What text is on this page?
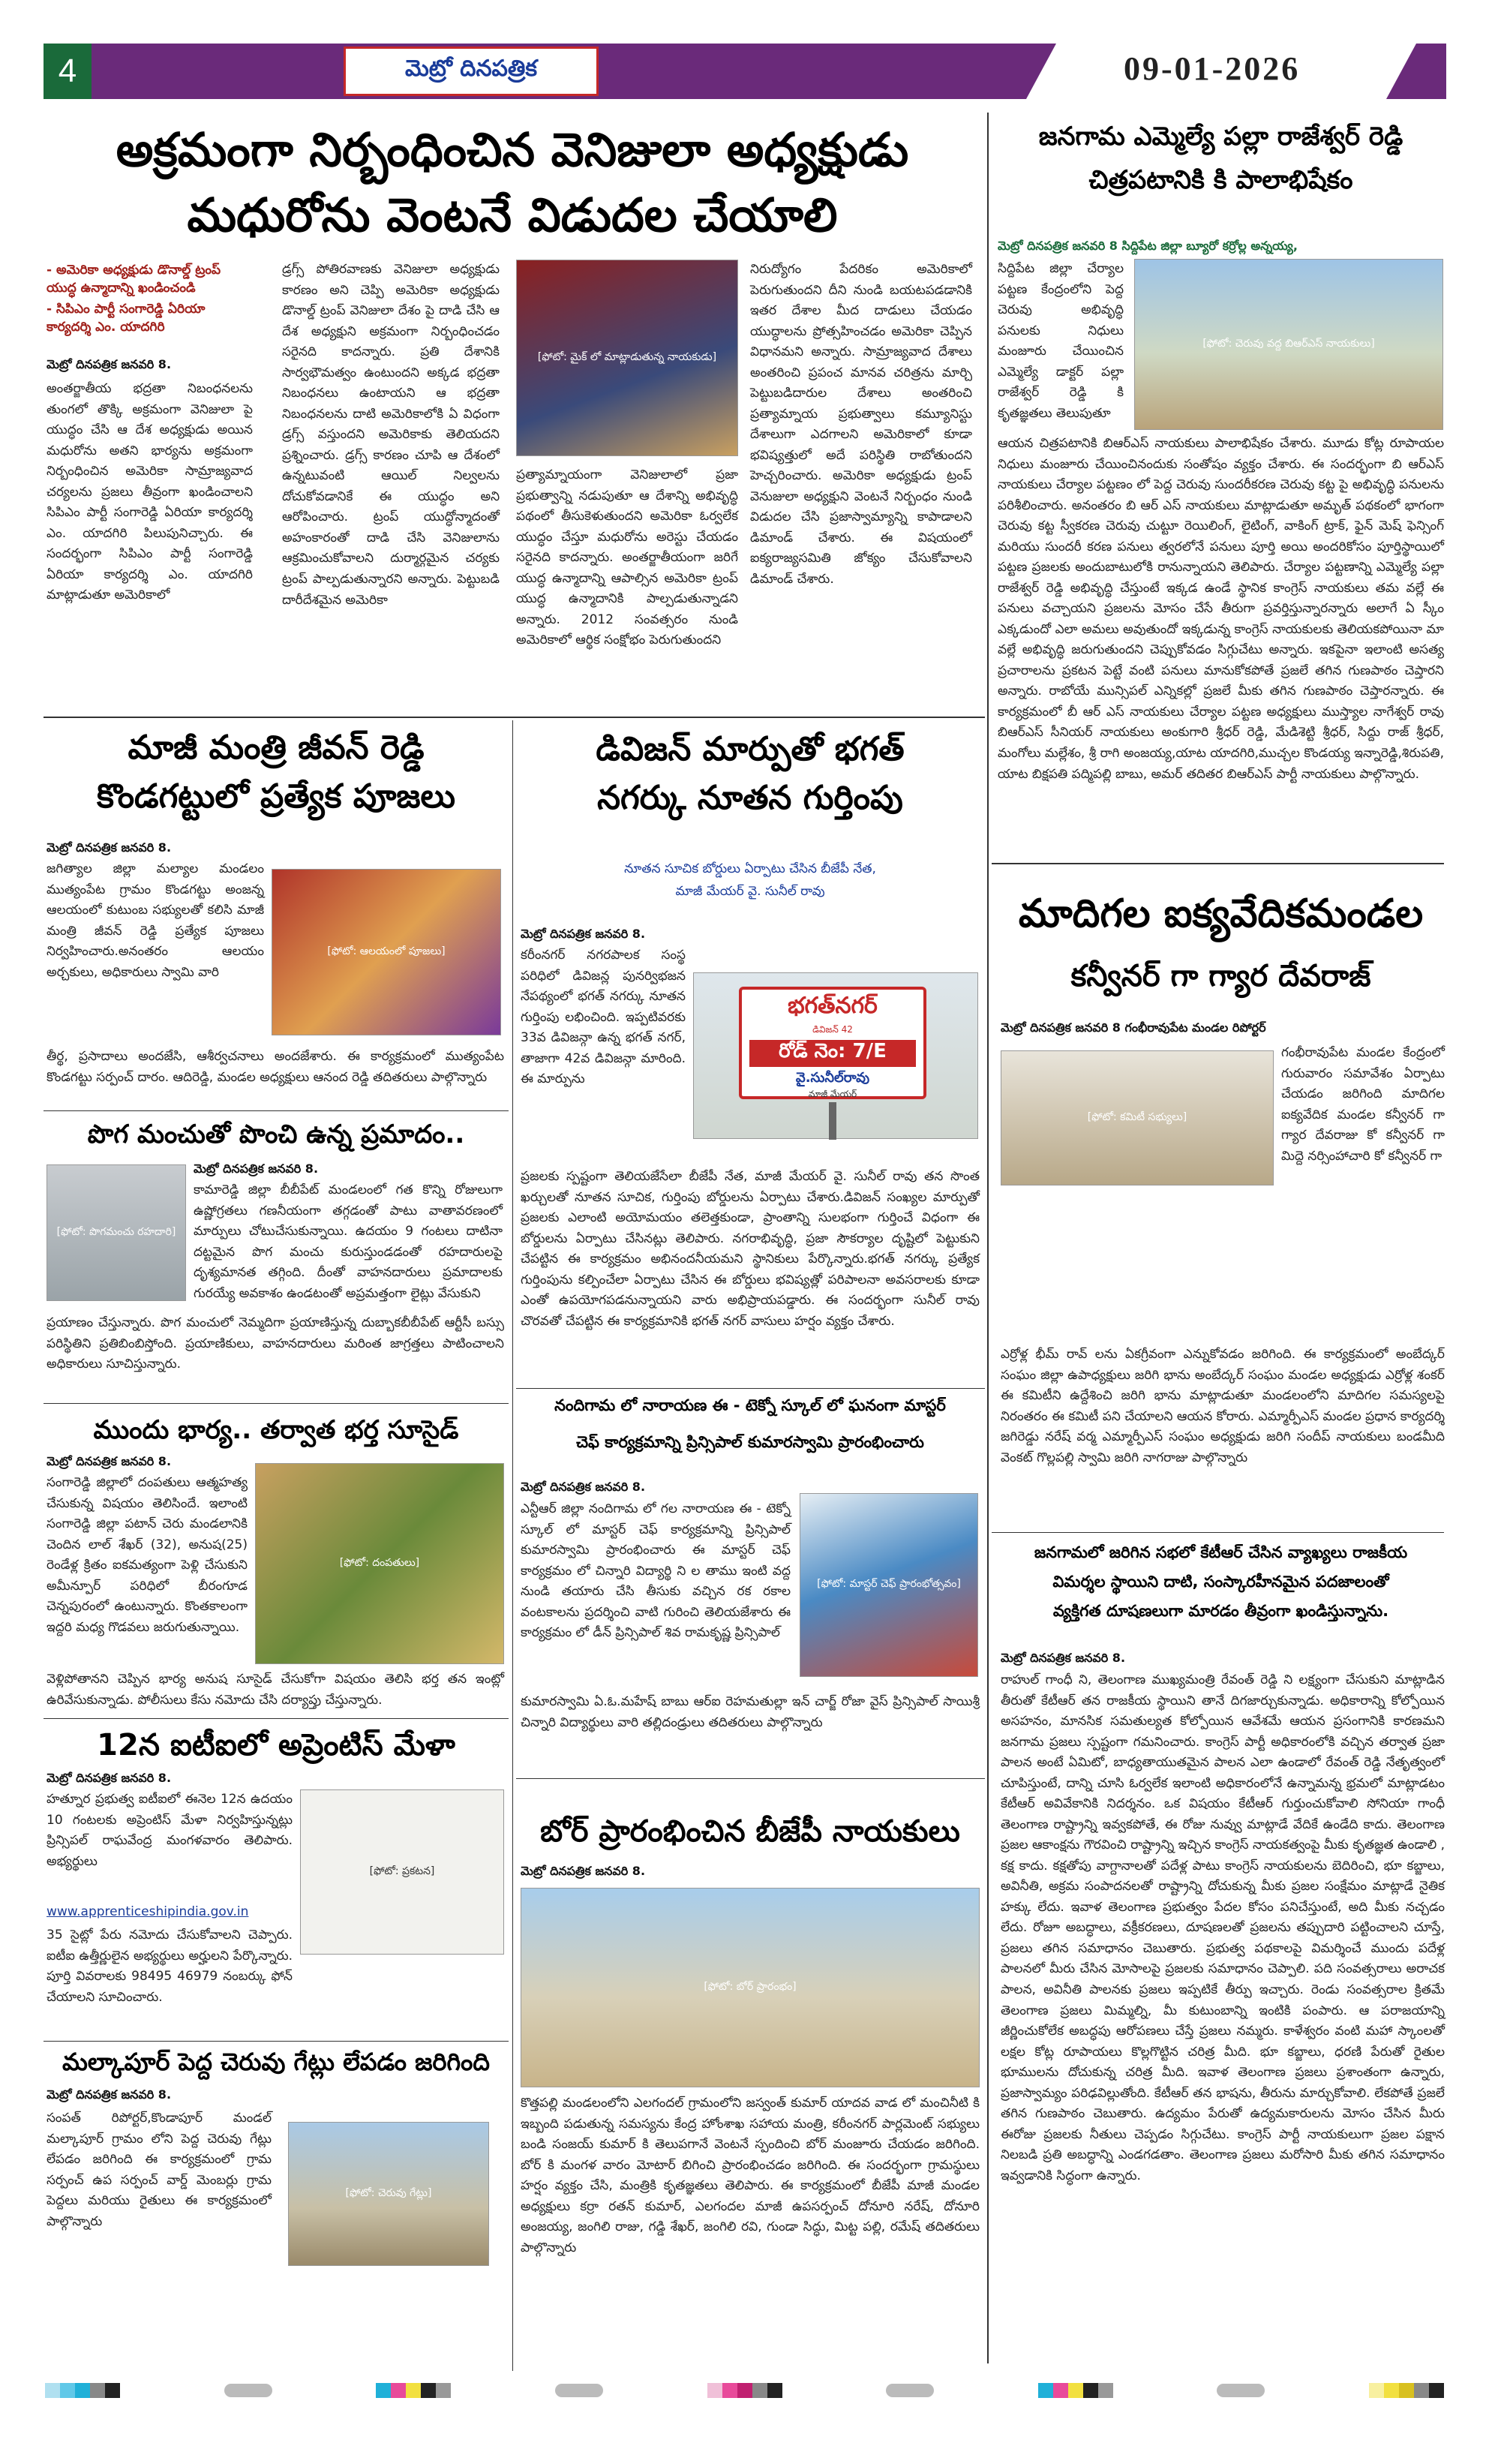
4	మెట్రో దినపత్రిక	09-01-2026
అక్రమంగా నిర్బంధించిన వెనిజులా అధ్యక్షుడు
మధురోను వెంటనే విడుదల చేయాలి
- అమెరికా అధ్యక్షుడు డొనాల్డ్ ట్రంప్ యుద్ధ ఉన్మాదాన్ని ఖండించండి
- సిపిఎం పార్టీ సంగారెడ్డి ఏరియా కార్యదర్శి ఎం. యాదగిరి
మెట్రో దినపత్రిక జనవరి 8.
అంతర్జాతీయ భద్రతా నిబంధనలను తుంగలో తొక్కి అక్రమంగా వెనిజులా పై యుద్ధం చేసి ఆ దేశ అధ్యక్షుడు అయిన మధురోను అతని భార్యను అక్రమంగా నిర్బంధించిన అమెరికా సామ్రాజ్యవాద చర్యలను ప్రజలు తీవ్రంగా ఖండించాలని సిపిఎం పార్టీ సంగారెడ్డి ఏరియా కార్యదర్శి ఎం. యాదగిరి పిలుపునిచ్చారు. ఈ సందర్భంగా సిపిఎం పార్టీ సంగారెడ్డి ఏరియా కార్యదర్శి ఎం. యాదగిరి మాట్లాడుతూ అమెరికాలో
డ్రగ్స్ పోతిరవాణకు వెనిజులా అధ్యక్షుడు కారణం అని చెప్పి అమెరికా అధ్యక్షుడు డొనాల్డ్ ట్రంప్ వెనిజులా దేశం పై దాడి చేసి ఆ దేశ అధ్యక్షుని అక్రమంగా నిర్బంధించడం సరైనది కాదన్నారు. ప్రతి దేశానికి సార్వభౌమత్వం ఉంటుందని అక్కడ భద్రతా నిబంధనలు ఉంటాయని ఆ భద్రతా నిబంధనలను దాటి అమెరికాలోకి ఏ విధంగా డ్రగ్స్ వస్తుందని అమెరికాకు తెలియదని ప్రశ్నించారు. డ్రగ్స్ కారణం చూపి ఆ దేశంలో ఉన్నటువంటి ఆయిల్ నిల్వలను దోచుకోవడానికే ఈ యుద్ధం అని ఆరోపించారు. ట్రంప్ యుద్ధోన్మాదంతో అహంకారంతో దాడి చేసి వెనిజులాను ఆక్రమించుకోవాలని దుర్మార్గమైన చర్యకు ట్రంప్ పాల్పడుతున్నారని అన్నారు. పెట్టుబడి దారీదేశమైన అమెరికా
[ఫోటో: మైక్ లో మాట్లాడుతున్న నాయకుడు]
ప్రత్యామ్నాయంగా వెనిజులాలో ప్రజా ప్రభుత్వాన్ని నడుపుతూ ఆ దేశాన్ని అభివృద్ధి పథంలో తీసుకెళుతుందని అమెరికా ఓర్వలేక యుద్ధం చేస్తూ మధురోను అరెస్టు చేయడం సరైనది కాదన్నారు. అంతర్జాతీయంగా జరిగే యుద్ధ ఉన్మాదాన్ని ఆపాల్సిన అమెరికా ట్రంప్ యుద్ధ ఉన్మాదానికి పాల్పడుతున్నాడని అన్నారు. 2012 సంవత్సరం నుండి అమెరికాలో ఆర్థిక సంక్షోభం పెరుగుతుందని
నిరుద్యోగం పేదరికం అమెరికాలో పెరుగుతుందని దీని నుండి బయటపడడానికి ఇతర దేశాల మీద దాడులు చేయడం యుద్ధాలను ప్రోత్సహించడం అమెరికా చెప్పిన విధానమని అన్నారు. సామ్రాజ్యవాద దేశాలు అంతరించి ప్రపంచ మానవ చరిత్రను మార్చి పెట్టుబడిదారుల దేశాలు అంతరించి ప్రత్యామ్నాయ ప్రభుత్వాలు కమ్యూనిస్టు దేశాలుగా ఎదగాలని అమెరికాలో కూడా భవిష్యత్తులో అదే పరిస్థితి రాబోతుందని హెచ్చరించారు. అమెరికా అధ్యక్షుడు ట్రంప్ వెనుజులా అధ్యక్షుని వెంటనే నిర్బంధం నుండి విడుదల చేసి ప్రజాస్వామ్యాన్ని కాపాడాలని డిమాండ్ చేశారు. ఈ విషయంలో ఐక్యరాజ్యసమితి జోక్యం చేసుకోవాలని డిమాండ్ చేశారు.
జనగామ ఎమ్మెల్యే పల్లా రాజేశ్వర్ రెడ్డి
చిత్రపటానికి కి పాలాభిషేకం
మెట్రో దినపత్రిక జనవరి 8 సిద్దిపేట జిల్లా బ్యూరో కర్రోల్ల అన్నయ్య,
సిద్దిపేట జిల్లా చేర్యాల పట్టణ కేంద్రంలోని పెద్ద చెరువు అభివృద్ధి పనులకు నిధులు మంజూరు చేయించిన ఎమ్మెల్యే డాక్టర్ పల్లా రాజేశ్వర్ రెడ్డి కి కృతజ్ఞతలు తెలుపుతూ
[ఫోటో: చెరువు వద్ద బిఆర్ఎస్ నాయకులు]
ఆయన చిత్రపటానికి బిఆర్ఎస్ నాయకులు పాలాభిషేకం చేశారు. మూడు కోట్ల రూపాయల నిధులు మంజూరు చేయించినందుకు సంతోషం వ్యక్తం చేశారు. ఈ సందర్భంగా బి ఆర్ఎస్ నాయకులు చేర్యాల పట్టణం లో పెద్ద చెరువు సుందరీకరణ చెరువు కట్ట పై అభివృద్ధి పనులను పరిశీలించారు. అనంతరం బి ఆర్ ఎస్ నాయకులు మాట్లాడుతూ అమృత్ పథకంలో భాగంగా చెరువు కట్ట స్వీకరణ చెరువు చుట్టూ రెయిలింగ్, లైటింగ్, వాకింగ్ ట్రాక్, ఫైన్ మెష్ ఫెన్సింగ్ మరియు సుందరీ కరణ పనులు త్వరలోనే పనులు పూర్తి అయి అందరికోసం పూర్తిస్థాయిలో పట్టణ ప్రజలకు అందుబాటులోకి రానున్నాయని తెలిపారు. చేర్యాల పట్టణాన్ని ఎమ్మెల్యే పల్లా రాజేశ్వర్ రెడ్డి అభివృద్ధి చేస్తుంటే ఇక్కడ ఉండే స్థానిక కాంగ్రెస్ నాయకులు తమ వల్లే ఈ పనులు వచ్చాయని ప్రజలను మోసం చేసే తీరుగా ప్రవర్తిస్తున్నారన్నారు అలాగే ఏ స్కీం ఎక్కడుందో ఎలా అమలు అవుతుందో ఇక్కడున్న కాంగ్రెస్ నాయకులకు తెలియకపోయినా మా వల్లే అభివృద్ధి జరుగుతుందని చెప్పుకోవడం సిగ్గుచేటు అన్నారు. ఇకపైనా ఇలాంటి అసత్య ప్రచారాలను ప్రకటన పెట్టే వంటి పనులు మానుకోకపోతే ప్రజలే తగిన గుణపాఠం చెప్తారని అన్నారు. రాబోయే మున్సిపల్ ఎన్నికల్లో ప్రజలే మీకు తగిన గుణపాఠం చెప్తారన్నారు. ఈ కార్యక్రమంలో బీ ఆర్ ఎస్ నాయకులు చేర్యాల పట్టణ అధ్యక్షులు ముస్త్యాల నాగేశ్వర్ రావు బిఆర్ఎస్ సీనియర్ నాయకులు అంకుగారి శ్రీధర్ రెడ్డి, మేడిశెట్టి శ్రీధర్, సిద్దు రాజ్ శ్రీధర్, మంగోలు మల్లేశం, శ్రీ రాగి అంజయ్య,యాట యాదగిరి,ముచ్చల కొండయ్య ఇన్నారెడ్డి,శిరుపతి, యాట బిక్షపతి పద్మిపల్లి బాబు, అమర్ తదితర బిఆర్ఎస్ పార్టీ నాయకులు పాల్గొన్నారు.
మాజీ మంత్రి జీవన్ రెడ్డి
కొండగట్టులో ప్రత్యేక పూజలు
మెట్రో దినపత్రిక జనవరి 8.
జగిత్యాల జిల్లా మల్యాల మండలం ముత్యంపేట గ్రామం కొండగట్టు అంజన్న ఆలయంలో కుటుంబ సభ్యులతో కలిసి మాజీ మంత్రి జీవన్ రెడ్డి ప్రత్యేక పూజలు నిర్వహించారు.అనంతరం ఆలయం అర్చకులు, అధికారులు స్వామి వారి
[ఫోటో: ఆలయంలో పూజలు]
తీర్థ, ప్రసాదాలు అందజేసి, ఆశీర్వచనాలు అందజేశారు. ఈ కార్యక్రమంలో ముత్యంపేట కొండగట్టు సర్పంచ్ దారం. ఆదిరెడ్డి, మండల అధ్యక్షులు ఆనంద రెడ్డి తదితరులు పాల్గొన్నారు
పొగ మంచుతో పొంచి ఉన్న ప్రమాదం..
[ఫోటో: పొగమంచు రహదారి]
మెట్రో దినపత్రిక జనవరి 8.
కామారెడ్డి జిల్లా బీబీపేట్ మండలంలో గత కొన్ని రోజులుగా ఉష్ణోగ్రతలు గణనీయంగా తగ్గడంతో పాటు వాతావరణంలో మార్పులు చోటుచేసుకున్నాయి. ఉదయం 9 గంటలు దాటినా దట్టమైన పొగ మంచు కురుస్తుండడంతో రహదారులపై దృశ్యమానత తగ్గింది. దీంతో వాహనదారులు ప్రమాదాలకు గురయ్యే అవకాశం ఉండటంతో అప్రమత్తంగా లైట్లు వేసుకుని
ప్రయాణం చేస్తున్నారు. పొగ మంచులో నెమ్మదిగా ప్రయాణిస్తున్న దుబ్బాకబీబీపేట్ ఆర్టీసీ బస్సు పరిస్థితిని ప్రతిబింబిస్తోంది. ప్రయాణికులు, వాహనదారులు మరింత జాగ్రత్తలు పాటించాలని అధికారులు సూచిస్తున్నారు.
ముందు భార్య.. తర్వాత భర్త సూసైడ్
మెట్రో దినపత్రిక జనవరి 8.
సంగారెడ్డి జిల్లాలో దంపతులు ఆత్మహత్య చేసుకున్న విషయం తెలిసిందే. ఇలాంటి సంగారెడ్డి జిల్లా పటాన్ చెరు మండలానికి చెందిన లాల్ శేఖర్ (32), అనుష(25) రెండేళ్ల క్రితం ఐకమత్యంగా పెళ్లి చేసుకుని అమీన్పూర్ పరిధిలో బీరంగూడ చెన్నపురంలో ఉంటున్నారు. కొంతకాలంగా ఇద్దరి మధ్య గొడవలు జరుగుతున్నాయి.
[ఫోటో: దంపతులు]
వెళ్లిపోతానని చెప్పిన భార్య అనుష సూసైడ్ చేసుకోగా విషయం తెలిసి భర్త తన ఇంట్లో ఉరివేసుకున్నాడు. పోలీసులు కేసు నమోదు చేసి దర్యాప్తు చేస్తున్నారు.
12న ఐటీఐలో అప్రెంటిస్ మేళా
మెట్రో దినపత్రిక జనవరి 8.
హత్నూర ప్రభుత్వ ఐటీఐలో ఈనెల 12న ఉదయం 10 గంటలకు అప్రెంటిస్ మేళా నిర్వహిస్తున్నట్లు ప్రిన్సిపల్ రాఘవేంద్ర మంగళవారం తెలిపారు. అభ్యర్థులు
[ఫోటో: ప్రకటన]
www.apprenticeshipindia.gov.in
35 సైట్లో పేరు నమోదు చేసుకోవాలని చెప్పారు. ఐటీఐ ఉత్తీర్ణులైన అభ్యర్థులు అర్హులని పేర్కొన్నారు. పూర్తి వివరాలకు 98495 46979 నంబర్కు ఫోన్ చేయాలని సూచించారు.
మల్కాపూర్ పెద్ద చెరువు గేట్లు లేపడం జరిగింది
మెట్రో దినపత్రిక జనవరి 8.
సంపత్ రిపోర్టర్,కొండాపూర్ మండల్ మల్కాపూర్ గ్రామం లోని పెద్ద చెరువు గేట్లు లేపడం జరిగింది ఈ కార్యక్రమంలో గ్రామ సర్పంచ్ ఉప సర్పంచ్ వార్డ్ మెంబర్లు గ్రామ పెద్దలు మరియు రైతులు ఈ కార్యక్రమంలో పాల్గొన్నారు
[ఫోటో: చెరువు గేట్లు]
డివిజన్ మార్పుతో భగత్
నగర్కు నూతన గుర్తింపు
నూతన సూచిక బోర్డులు ఏర్పాటు చేసిన బీజేపీ నేత,
మాజీ మేయర్ వై. సునీల్ రావు
మెట్రో దినపత్రిక జనవరి 8.
కరీంనగర్ నగరపాలక సంస్థ పరిధిలో డివిజన్ల పునర్విభజన నేపథ్యంలో భగత్ నగర్కు నూతన గుర్తింపు లభించింది. ఇప్పటివరకు 33వ డివిజన్గా ఉన్న భగత్ నగర్, తాజాగా 42వ డివిజన్గా మారింది. ఈ మార్పును
భగత్‌నగర్
డివిజన్ 42
రోడ్ నెం: 7/E
వై.సునీల్‌రావు
మాజీ మేయర్
ప్రజలకు స్పష్టంగా తెలియజేసేలా బీజేపీ నేత, మాజీ మేయర్ వై. సునీల్ రావు తన సొంత ఖర్చులతో నూతన సూచిక, గుర్తింపు బోర్డులను ఏర్పాటు చేశారు.డివిజన్ సంఖ్యల మార్పుతో ప్రజలకు ఎలాంటి అయోమయం తలెత్తకుండా, ప్రాంతాన్ని సులభంగా గుర్తించే విధంగా ఈ బోర్డులను ఏర్పాటు చేసినట్లు తెలిపారు. నగరాభివృద్ధి, ప్రజా సౌకర్యాల దృష్టిలో పెట్టుకుని చేపట్టిన ఈ కార్యక్రమం అభినందనీయమని స్థానికులు పేర్కొన్నారు.భగత్ నగర్కు ప్రత్యేక గుర్తింపును కల్పించేలా ఏర్పాటు చేసిన ఈ బోర్డులు భవిష్యత్లో పరిపాలనా అవసరాలకు కూడా ఎంతో ఉపయోగపడనున్నాయని వారు అభిప్రాయపడ్డారు. ఈ సందర్భంగా సునీల్ రావు చొరవతో చేపట్టిన ఈ కార్యక్రమానికి భగత్ నగర్ వాసులు హర్షం వ్యక్తం చేశారు.
నందిగామ లో నారాయణ ఈ - టెక్నో స్కూల్ లో ఘనంగా మాస్టర్
చెఫ్ కార్యక్రమాన్ని ప్రిన్సిపాల్ కుమారస్వామి ప్రారంభించారు
మెట్రో దినపత్రిక జనవరి 8.
ఎన్టీఆర్ జిల్లా నందిగామ లో గల నారాయణ ఈ - టెక్నో స్కూల్ లో మాస్టర్ చెఫ్ కార్యక్రమాన్ని ప్రిన్సిపాల్ కుమారస్వామి ప్రారంభించారు ఈ మాస్టర్ చెఫ్ కార్యక్రమం లో చిన్నారి విద్యార్థి ని ల తాము ఇంటి వద్ద నుండి తయారు చేసి తీసుకు వచ్చిన రక రకాల వంటకాలను ప్రదర్శించి వాటి గురించి తెలియజేశారు ఈ కార్యక్రమం లో డీన్ ప్రిన్సిపాల్ శివ రామకృష్ణ ప్రిన్సిపాల్
[ఫోటో: మాస్టర్ చెఫ్ ప్రారంభోత్సవం]
కుమారస్వామి ఏ.ఓ.మహేష్ బాబు ఆర్ఐ రెహమతుల్లా ఇన్ చార్జ్ రోజా వైస్ ప్రిన్సిపాల్ సాయిశ్రీ చిన్నారి విద్యార్థులు వారి తల్లిదండ్రులు తదితరులు పాల్గొన్నారు
బోర్ ప్రారంభించిన బీజేపీ నాయకులు
మెట్రో దినపత్రిక జనవరి 8.
[ఫోటో: బోర్ ప్రారంభం]
కొత్తపల్లి మండలంలోని ఎలగందల్ గ్రామంలోని జస్వంత్ కుమార్ యాదవ వాడ లో మంచినీటి కి ఇబ్బంది పడుతున్న సమస్యను కేంద్ర హోంశాఖ సహాయ మంత్రి, కరీంనగర్ పార్లమెంట్ సభ్యులు బండి సంజయ్ కుమార్ కి తెలుపగానే వెంటనే స్పందించి బోర్ మంజూరు చేయడం జరిగింది. బోర్ కి మంగళ వారం మోటార్ బిగించి ప్రారంభించడం జరిగింది. ఈ సందర్భంగా గ్రామస్థులు హర్షం వ్యక్తం చేసి, మంత్రికి కృతజ్ఞతలు తెలిపారు. ఈ కార్యక్రమంలో బీజేపీ మాజీ మండల అధ్యక్షులు కర్రా రతన్ కుమార్, ఎలగందల మాజీ ఉపసర్పంచ్ దోనూరి నరేష్, దోనూరి అంజయ్య, జంగిలి రాజు, గడ్డి శేఖర్, జంగిలి రవి, గుండా సిద్ధు, మిట్ట పల్లి, రమేష్ తదితరులు పాల్గొన్నారు
మాదిగల ఐక్యవేదికమండల
కన్వీనర్ గా గ్యార దేవరాజ్
మెట్రో దినపత్రిక జనవరి 8 గంభీరావుపేట మండల రిపోర్టర్
[ఫోటో: కమిటీ సభ్యులు]
గంభీరావుపేట మండల కేంద్రంలో గురువారం సమావేశం ఏర్పాటు చేయడం జరిగింది మాదిగల ఐక్యవేదిక మండల కన్వీనర్ గా గ్యార దేవరాజు కో కన్వీనర్ గా మిద్దె నర్సింహాచారి కో కన్వీనర్ గా
ఎర్రోళ్ల భీమ్ రావ్ లను ఏకగ్రీవంగా ఎన్నుకోవడం జరిగింది. ఈ కార్యక్రమంలో అంబేద్కర్ సంఘం జిల్లా ఉపాధ్యక్షులు జరిగి భాను అంబేద్కర్ సంఘం మండల అధ్యక్షుడు ఎర్రోళ్ల శంకర్ ఈ కమిటీని ఉద్దేశించి జరిగి భాను మాట్లాడుతూ మండలంలోని మాదిగల సమస్యలపై నిరంతరం ఈ కమిటీ పని చేయాలని ఆయన కోరారు. ఎమ్మార్పీఎస్ మండల ప్రధాన కార్యదర్శి జగిరెడ్డు నరేష్ వర్మ ఎమ్మార్పీఎస్ సంఘం అధ్యక్షుడు జరిగి సందీప్ నాయకులు బండమీది వెంకట్ గొల్లపల్లి స్వామి జరిగి నాగరాజు పాల్గొన్నారు
జనగామలో జరిగిన సభలో కేటీఆర్ చేసిన వ్యాఖ్యలు రాజకీయ
విమర్శల స్థాయిని దాటి, సంస్కారహీనమైన పదజాలంతో
వ్యక్తిగత దూషణలుగా మారడం తీవ్రంగా ఖండిస్తున్నాను.
మెట్రో దినపత్రిక జనవరి 8.
రాహుల్ గాంధీ ని, తెలంగాణ ముఖ్యమంత్రి రేవంత్ రెడ్డి ని లక్ష్యంగా చేసుకుని మాట్లాడిన తీరుతో కేటీఆర్ తన రాజకీయ స్థాయిని తానే దిగజార్చుకున్నాడు. అధికారాన్ని కోల్పోయిన అసహనం, మానసిక సమతుల్యత కోల్పోయిన ఆవేశమే ఆయన ప్రసంగానికి కారణమని జనగామ ప్రజలు స్పష్టంగా గమనించారు. కాంగ్రెస్ పార్టీ అధికారంలోకి వచ్చిన తర్వాత ప్రజా పాలన అంటే ఏమిటో, బాధ్యతాయుతమైన పాలన ఎలా ఉండాలో రేవంత్ రెడ్డి నేతృత్వంలో చూపిస్తుంటే, దాన్ని చూసి ఓర్వలేక ఇలాంటి అధికారంలోనే ఉన్నామన్న భ్రమలో మాట్లాడటం కేటీఆర్ అవివేకానికి నిదర్శనం. ఒక విషయం కేటీఆర్ గుర్తుంచుకోవాలి సోనియా గాంధీ తెలంగాణ రాష్ట్రాన్ని ఇవ్వకపోతే, ఈ రోజు నువ్వు మాట్లాడే వేదికే ఉండేది కాదు. తెలంగాణ ప్రజల ఆకాంక్షను గౌరవించి రాష్ట్రాన్ని ఇచ్చిన కాంగ్రెస్ నాయకత్వంపై మీకు కృతజ్ఞత ఉండాలి , కక్ష కాదు. కక్షతోపు వాగ్దానాలతో పదేళ్ల పాటు కాంగ్రెస్ నాయకులను బెదిరించి, భూ కబ్జాలు, అవినీతి, అక్రమ సంపాదనలతో రాష్ట్రాన్ని దోచుకున్న మీకు ప్రజల సంక్షేమం మాట్లాడే నైతిక హక్కు లేదు. ఇవాళ తెలంగాణ ప్రభుత్వం పేదల కోసం పనిచేస్తుంటే, అది మీకు నచ్చడం లేదు. రోజూ అబద్ధాలు, వక్రీకరణలు, దూషణలతో ప్రజలను తప్పుదారి పట్టించాలని చూస్తే, ప్రజలు తగిన సమాధానం చెబుతారు. ప్రభుత్వ పథకాలపై విమర్శించే ముందు పదేళ్ల పాలనలో మీరు చేసిన మోసాలపై ప్రజలకు సమాధానం చెప్పాలి. పది సంవత్సరాలు అరాచక పాలన, అవినీతి పాలనకు ప్రజలు ఇప్పటికే తీర్పు ఇచ్చారు. రెండు సంవత్సరాల క్రితమే తెలంగాణ ప్రజలు మిమ్మల్ని, మీ కుటుంబాన్ని ఇంటికి పంపారు. ఆ పరాజయాన్ని జీర్ణించుకోలేక అబద్ధపు ఆరోపణలు చేస్తే ప్రజలు నమ్మరు. కాళేశ్వరం వంటి మహా స్కాంలతో లక్షల కోట్ల రూపాయలు కొల్లగొట్టిన చరిత్ర మీది. భూ కబ్జాలు, ధరణి పేరుతో రైతుల భూములను దోచుకున్న చరిత్ర మీది. ఇవాళ తెలంగాణ ప్రజలు ప్రశాంతంగా ఉన్నారు, ప్రజాస్వామ్యం పరిఢవిల్లుతోంది. కేటీఆర్ తన భాషను, తీరును మార్చుకోవాలి. లేకపోతే ప్రజలే తగిన గుణపాఠం చెబుతారు. ఉద్యమం పేరుతో ఉద్యమకారులను మోసం చేసిన మీరు ఈరోజు ప్రజలకు నీతులు చెప్పడం సిగ్గుచేటు. కాంగ్రెస్ పార్టీ నాయకులుగా ప్రజల పక్షాన నిలబడి ప్రతి అబద్ధాన్ని ఎండగడతాం. తెలంగాణ ప్రజలు మరోసారి మీకు తగిన సమాధానం ఇవ్వడానికి సిద్ధంగా ఉన్నారు.
